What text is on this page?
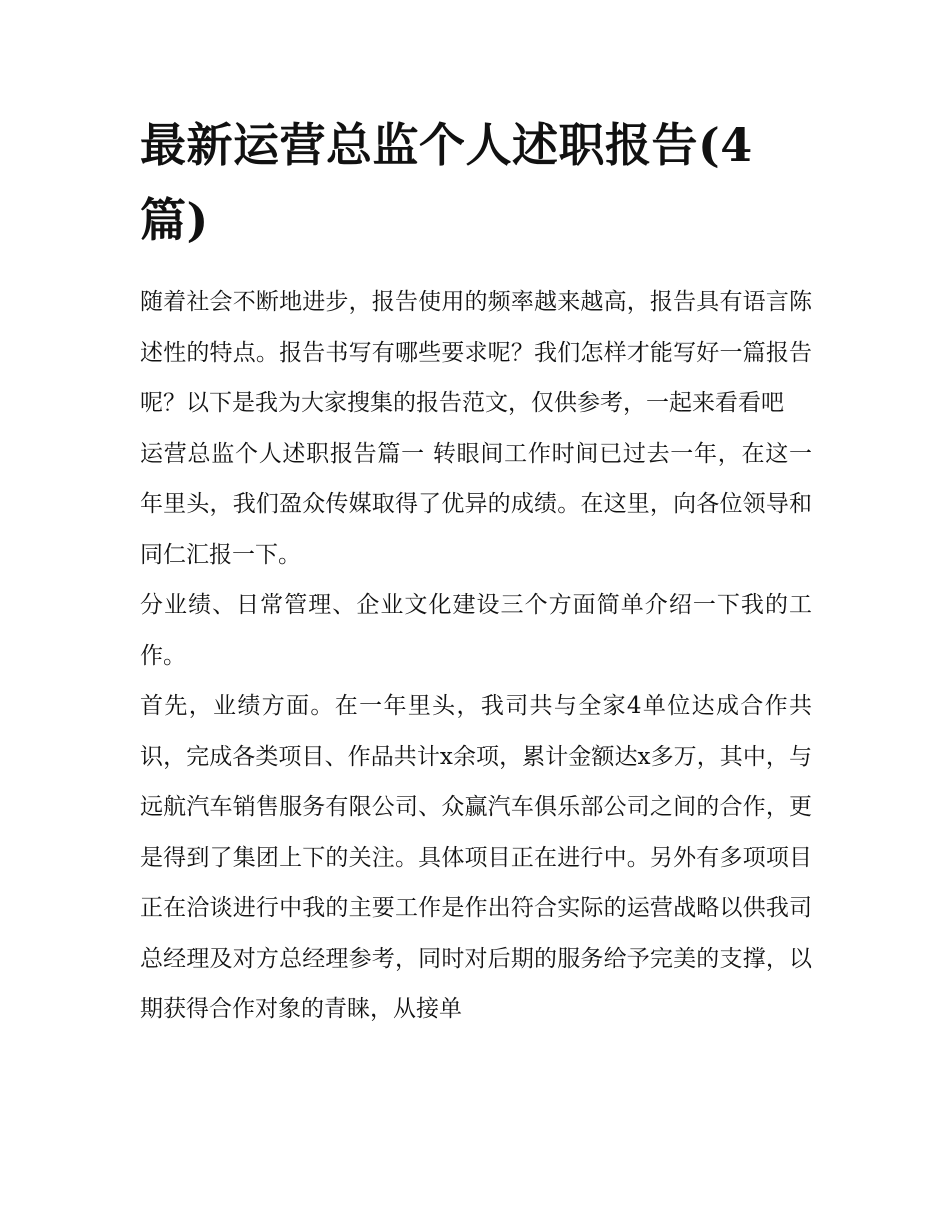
最新运营总监个人述职报告(4篇)

随着社会不断地进步，报告使用的频率越来越高，报告具有语言陈述性的特点。报告书写有哪些要求呢？我们怎样才能写好一篇报告呢？以下是我为大家搜集的报告范文，仅供参考，一起来看看吧

运营总监个人述职报告篇一 转眼间工作时间已过去一年，在这一年里头，我们盈众传媒取得了优异的成绩。在这里，向各位领导和同仁汇报一下。

分业绩、日常管理、企业文化建设三个方面简单介绍一下我的工作。

首先，业绩方面。在一年里头，我司共与全家4单位达成合作共识，完成各类项目、作品共计x余项，累计金额达x多万，其中，与远航汽车销售服务有限公司、众赢汽车俱乐部公司之间的合作，更是得到了集团上下的关注。具体项目正在进行中。另外有多项项目正在洽谈进行中我的主要工作是作出符合实际的运营战略以供我司总经理及对方总经理参考，同时对后期的服务给予完美的支撑，以期获得合作对象的青睐，从接单
